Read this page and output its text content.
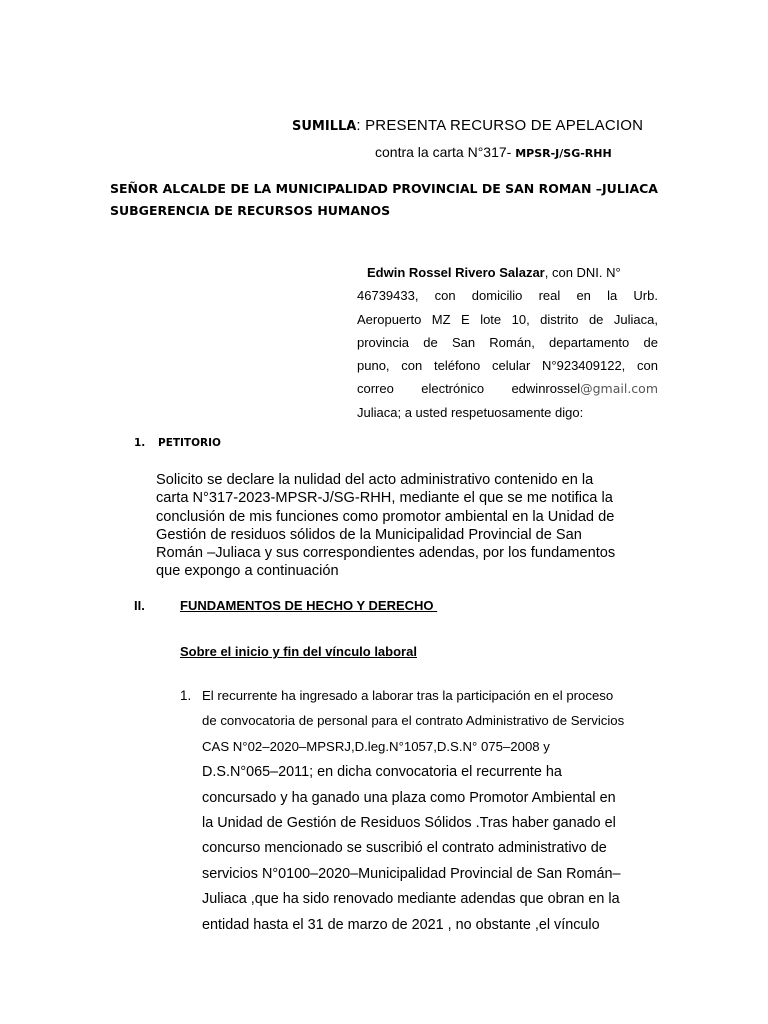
SUMILLA: PRESENTA RECURSO DE APELACION
contra la carta N°317- MPSR-J/SG-RHH
SEÑOR ALCALDE DE LA MUNICIPALIDAD PROVINCIAL DE SAN ROMAN –JULIACA
SUBGERENCIA DE RECURSOS HUMANOS
Edwin Rossel Rivero Salazar, con DNI. N°
46739433, con domicilio real en la Urb.
Aeropuerto MZ E lote 10, distrito de Juliaca,
provincia de San Román, departamento de
puno, con teléfono celular N°923409122, con
correo electrónico edwinrossel@gmail.com
Juliaca; a usted respetuosamente digo:
1. PETITORIO
Solicito se declare la nulidad del acto administrativo contenido en la
carta N°317-2023-MPSR-J/SG-RHH, mediante el que se me notifica la
conclusión de mis funciones como promotor ambiental en la Unidad de
Gestión de residuos sólidos de la Municipalidad Provincial de San
Román –Juliaca y sus correspondientes adendas, por los fundamentos
que expongo a continuación
II.	FUNDAMENTOS DE HECHO Y DERECHO
Sobre el inicio y fin del vínculo laboral
1. El recurrente ha ingresado a laborar tras la participación en el proceso
de convocatoria de personal para el contrato Administrativo de Servicios
CAS N°02–2020–MPSRJ,D.leg.N°1057,D.S.N° 075–2008 y
D.S.N°065–2011; en dicha convocatoria el recurrente ha
concursado y ha ganado una plaza como Promotor Ambiental en
la Unidad de Gestión de Residuos Sólidos .Tras haber ganado el
concurso mencionado se suscribió el contrato administrativo de
servicios N°0100–2020–Municipalidad Provincial de San Román–
Juliaca ,que ha sido renovado mediante adendas que obran en la
entidad hasta el 31 de marzo de 2021 , no obstante ,el vínculo
